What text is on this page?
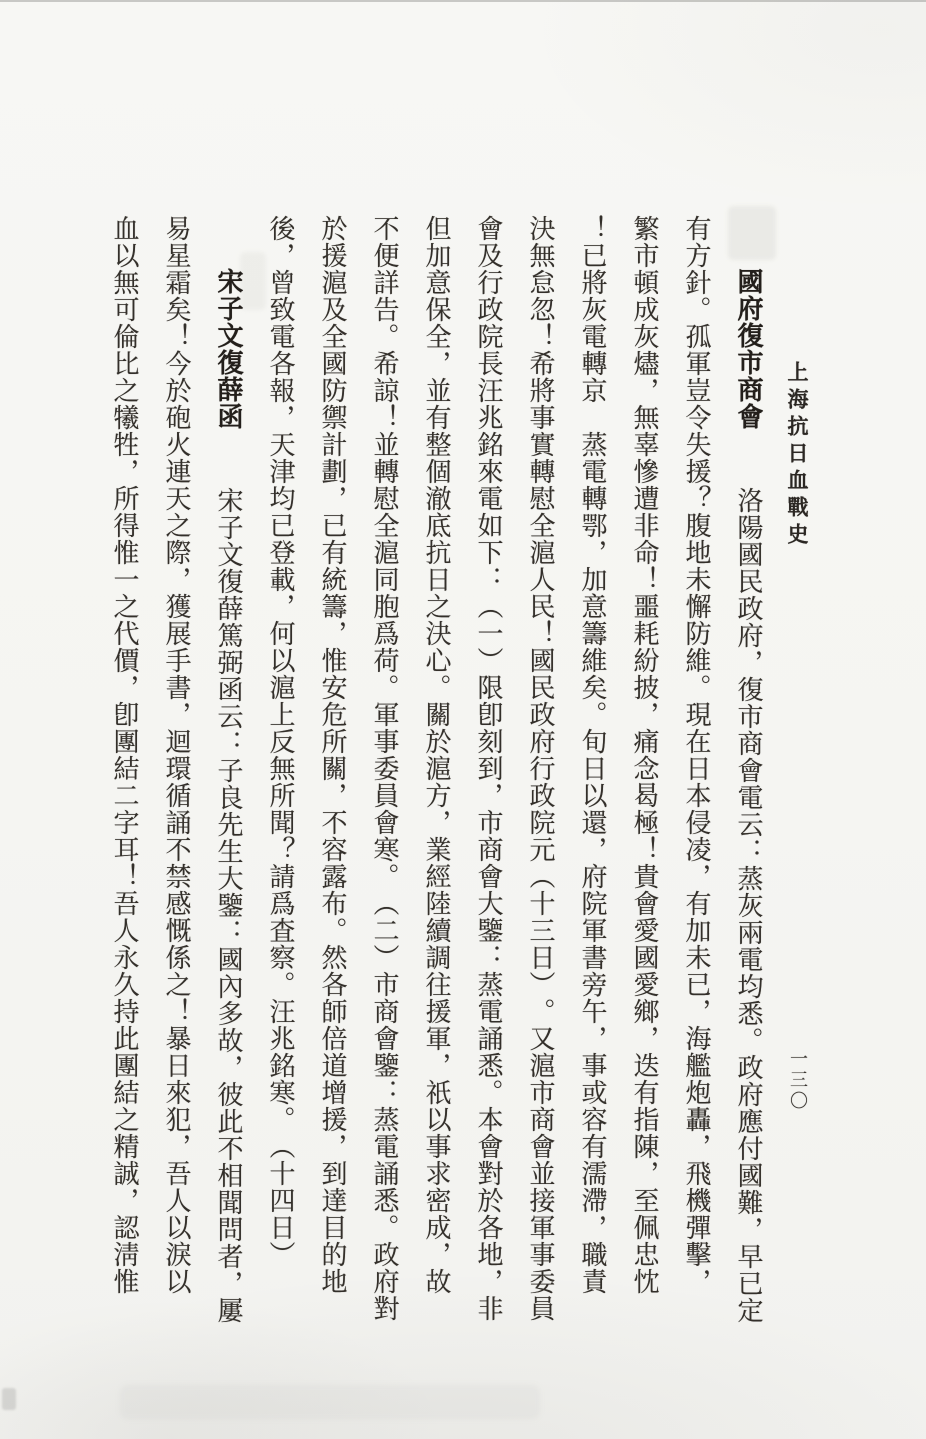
上海抗日血戰史 一三〇
國府復市商會 洛陽國民政府，復市商會電云：蒸灰兩電均悉。政府應付國難，早已定
有方針。孤軍豈令失援？腹地未懈防維。現在日本侵凌，有加未已，海艦炮轟，飛機彈擊，
繁市頓成灰燼，無辜慘遭非命！噩耗紛披，痛念曷極！貴會愛國愛鄉，迭有指陳，至佩忠忱
！已將灰電轉京　蒸電轉鄂，加意籌維矣。旬日以還，府院軍書旁午，事或容有濡滯，職責
決無怠忽！希將事實轉慰全滬人民！國民政府行政院元︵十三日︶。又滬市商會並接軍事委員
會及行政院長汪兆銘來電如下：︵一︶限卽刻到，市商會大鑒：蒸電誦悉。本會對於各地，非
但加意保全，並有整個澈底抗日之決心。關於滬方，業經陸續調往援軍，祇以事求密成，故
不便詳告。希諒！並轉慰全滬同胞爲荷。軍事委員會寒。︵二︶市商會鑒：蒸電誦悉。政府對
於援滬及全國防禦計劃，已有統籌，惟安危所關，不容露布。然各師倍道增援，到達目的地
後，曾致電各報，天津均已登載，何以滬上反無所聞？請爲査察。汪兆銘寒。︵十四日︶
宋子文復薛函 宋子文復薛篤弼函云：子良先生大鑒：國內多故，彼此不相聞問者，屢
易星霜矣！今於砲火連天之際，獲展手書，迴環循誦不禁感慨係之！暴日來犯，吾人以淚以
血以無可倫比之犧牲，所得惟一之代價，卽團結二字耳！吾人永久持此團結之精誠，認淸惟
